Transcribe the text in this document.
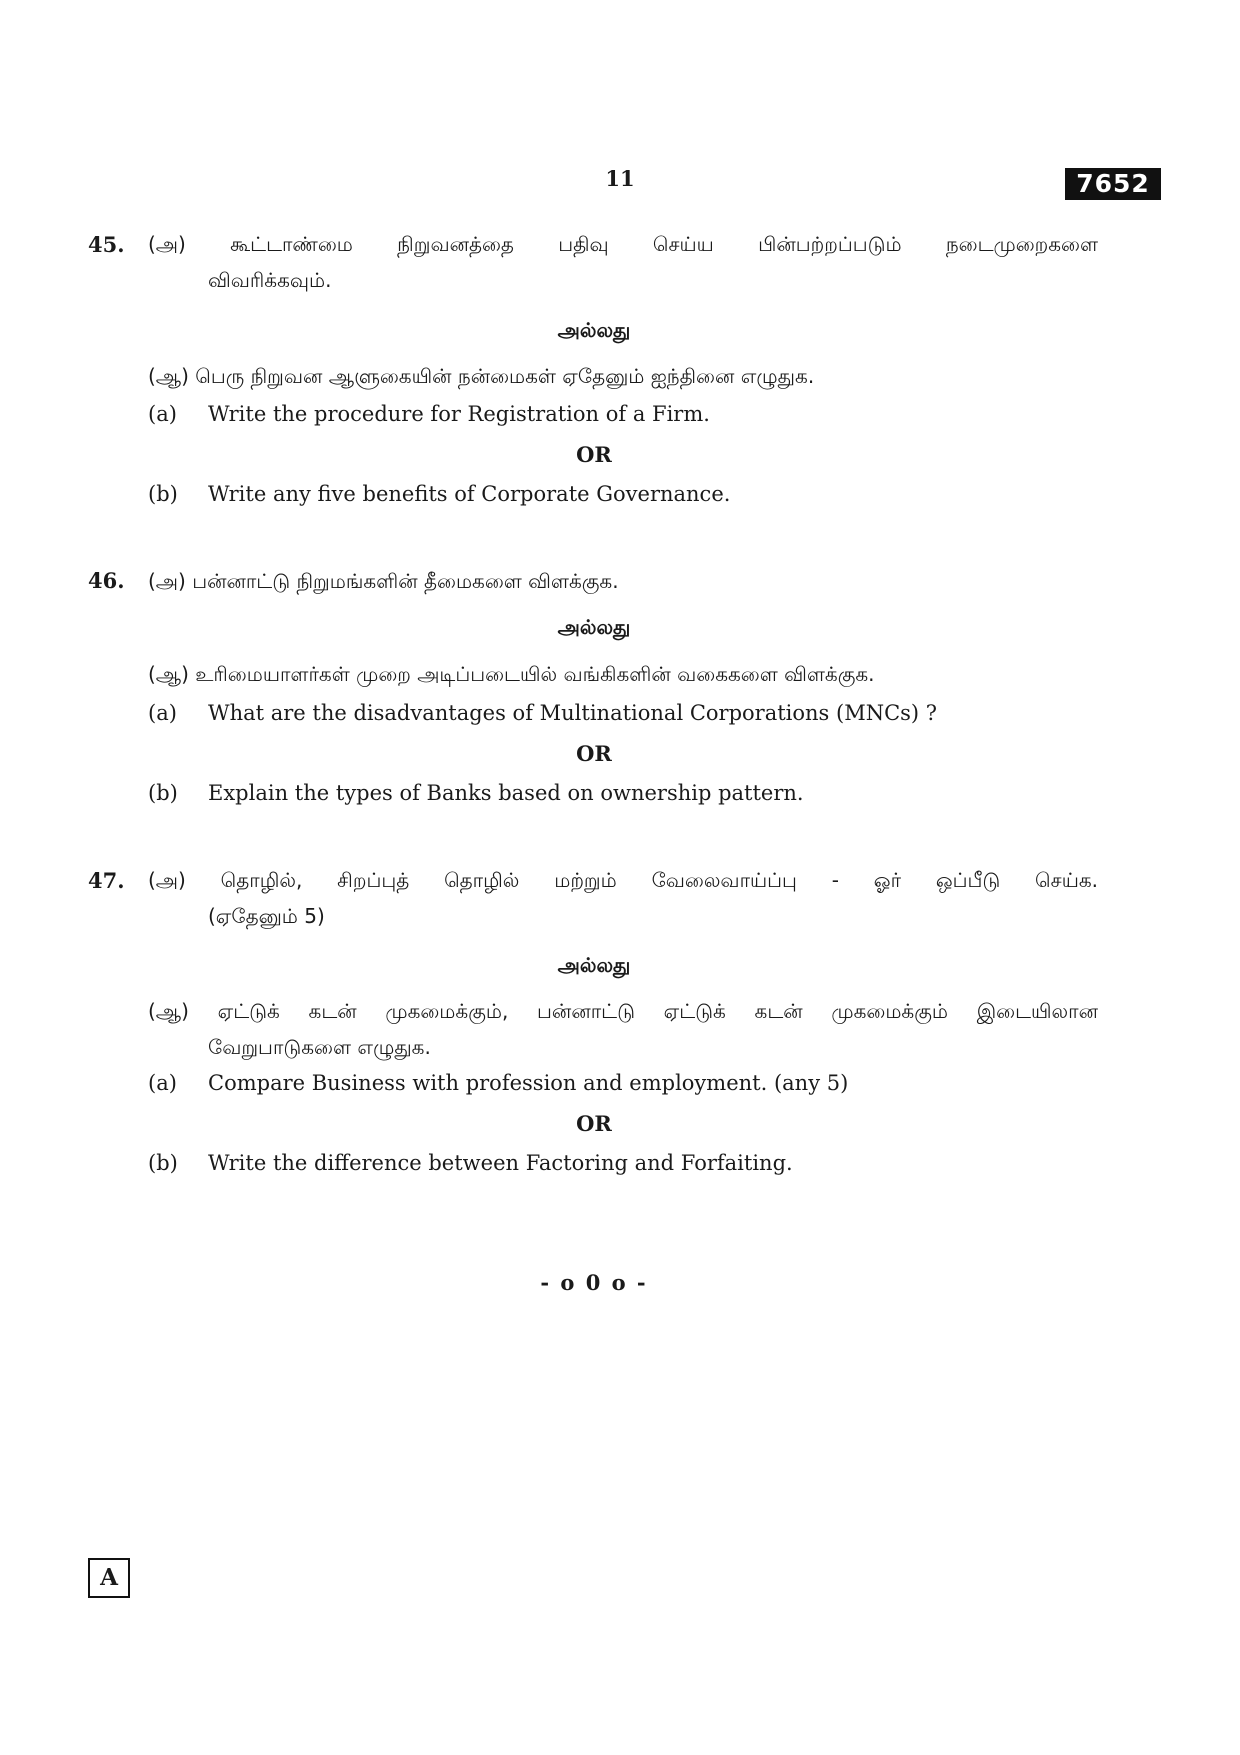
11	7652
45. (அ) கூட்டாண்மை நிறுவனத்தை பதிவு செய்ய பின்பற்றப்படும் நடைமுறைகளை
விவரிக்கவும்.
அல்லது
(ஆ) பெரு நிறுவன ஆளுகையின் நன்மைகள் ஏதேனும் ஐந்தினை எழுதுக.
(a) Write the procedure for Registration of a Firm.
OR
(b) Write any five benefits of Corporate Governance.
46. (அ) பன்னாட்டு நிறுமங்களின் தீமைகளை விளக்குக.
அல்லது
(ஆ) உரிமையாளர்கள் முறை அடிப்படையில் வங்கிகளின் வகைகளை விளக்குக.
(a) What are the disadvantages of Multinational Corporations (MNCs) ?
OR
(b) Explain the types of Banks based on ownership pattern.
47. (அ) தொழில், சிறப்புத் தொழில் மற்றும் வேலைவாய்ப்பு - ஓர் ஒப்பீடு செய்க.
(ஏதேனும் 5)
அல்லது
(ஆ) ஏட்டுக் கடன் முகமைக்கும், பன்னாட்டு ஏட்டுக் கடன் முகமைக்கும் இடையிலான
வேறுபாடுகளை எழுதுக.
(a) Compare Business with profession and employment. (any 5)
OR
(b) Write the difference between Factoring and Forfaiting.
- o 0 o -
A
